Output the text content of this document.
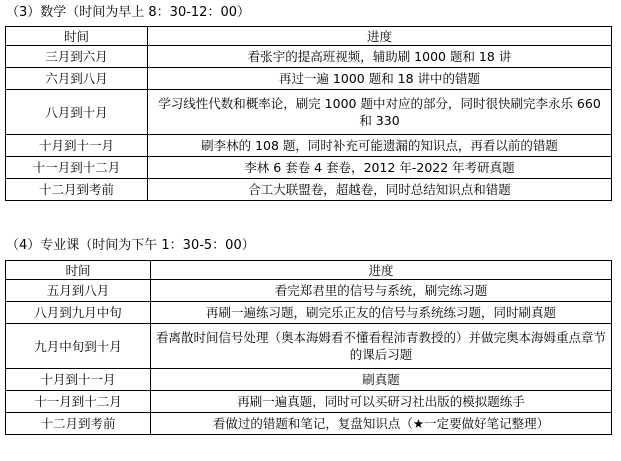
（3）数学（时间为早上 8：30-12：00）
时间	进度
三月到六月	看张宇的提高班视频，辅助刷 1000 题和 18 讲
六月到八月	再过一遍 1000 题和 18 讲中的错题
八月到十月	学习线性代数和概率论，刷完 1000 题中对应的部分，同时很快刷完李永乐 660 和 330
十月到十一月	刷李林的 108 题，同时补充可能遗漏的知识点，再看以前的错题
十一月到十二月	李林 6 套卷 4 套卷，2012 年-2022 年考研真题
十二月到考前	合工大联盟卷，超越卷，同时总结知识点和错题
（4）专业课（时间为下午 1：30-5：00）
时间	进度
五月到八月	看完郑君里的信号与系统，刷完练习题
八月到九月中旬	再刷一遍练习题，刷完乐正友的信号与系统练习题，同时刷真题
九月中旬到十月	看离散时间信号处理（奥本海姆看不懂看程沛青教授的）并做完奥本海姆重点章节的课后习题
十月到十一月	刷真题
十一月到十二月	再刷一遍真题，同时可以买研习社出版的模拟题练手
十二月到考前	看做过的错题和笔记，复盘知识点（★一定要做好笔记整理）
